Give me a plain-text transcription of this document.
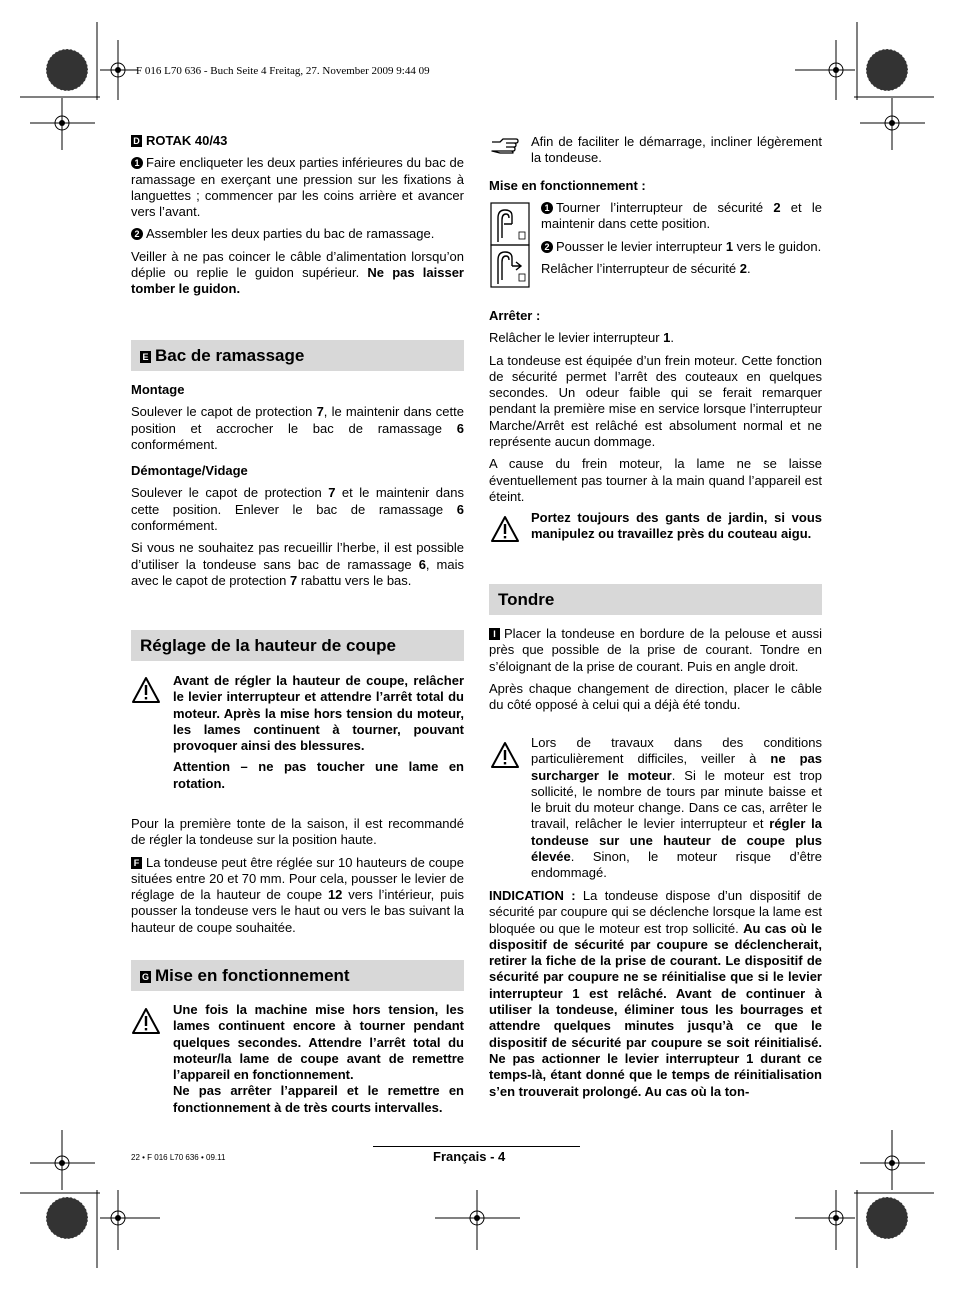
F 016 L70 636 - Buch Seite 4 Freitag, 27. November 2009 9:44 09

D ROTAK 40/43

1 Faire encliqueter les deux parties inférieures du bac de ramassage en exerçant une pression sur les fixations à languettes ; commencer par les coins arrière et avancer vers l’avant.

2 Assembler les deux parties du bac de ramassage.

Veiller à ne pas coincer le câble d’alimentation lorsqu’on déplie ou replie le guidon supérieur. Ne pas laisser tomber le guidon.

E Bac de ramassage

Montage

Soulever le capot de protection 7, le maintenir dans cette position et accrocher le bac de ramassage 6 conformément.

Démontage/Vidage

Soulever le capot de protection 7 et le maintenir dans cette position. Enlever le bac de ramassage 6 conformément.

Si vous ne souhaitez pas recueillir l’herbe, il est possible d’utiliser la tondeuse sans bac de ramassage 6, mais avec le capot de protection 7 rabattu vers le bas.

Réglage de la hauteur de coupe

Avant de régler la hauteur de coupe, relâcher le levier interrupteur et attendre l’arrêt total du moteur. Après la mise hors tension du moteur, les lames continuent à tourner, pouvant provoquer ainsi des blessures.

Attention – ne pas toucher une lame en rotation.

Pour la première tonte de la saison, il est recommandé de régler la tondeuse sur la position haute.

F La tondeuse peut être réglée sur 10 hauteurs de coupe situées entre 20 et 70 mm. Pour cela, pousser le levier de réglage de la hauteur de coupe 12 vers l’intérieur, puis pousser la tondeuse vers le haut ou vers le bas suivant la hauteur de coupe souhaitée.

G Mise en fonctionnement

Une fois la machine mise hors tension, les lames continuent encore à tourner pendant quelques secondes. Attendre l’arrêt total du moteur/la lame de coupe avant de remettre l’appareil en fonctionnement.

Ne pas arrêter l’appareil et le remettre en fonctionnement à de très courts intervalles.

Afin de faciliter le démarrage, incliner légèrement la tondeuse.

Mise en fonctionnement :

1 Tourner l’interrupteur de sécurité 2 et le maintenir dans cette position.

2 Pousser le levier interrupteur 1 vers le guidon.

Relâcher l’interrupteur de sécurité 2.

Arrêter :

Relâcher le levier interrupteur 1.

La tondeuse est équipée d’un frein moteur. Cette fonction de sécurité permet l’arrêt des couteaux en quelques secondes. Un odeur faible qui se ferait remarquer pendant la première mise en service lorsque l’interrupteur Marche/Arrêt est relâché est absolument normal et ne représente aucun dommage.

A cause du frein moteur, la lame ne se laisse éventuellement pas tourner à la main quand l’appareil est éteint.

Portez toujours des gants de jardin, si vous manipulez ou travaillez près du couteau aigu.

Tondre

I Placer la tondeuse en bordure de la pelouse et aussi près que possible de la prise de courant. Tondre en s’éloignant de la prise de courant. Puis en angle droit.

Après chaque changement de direction, placer le câble du côté opposé à celui qui a déjà été tondu.

Lors de travaux dans des conditions particulièrement difficiles, veiller à ne pas surcharger le moteur. Si le moteur est trop sollicité, le nombre de tours par minute baisse et le bruit du moteur change. Dans ce cas, arrêter le travail, relâcher le levier interrupteur et régler la tondeuse sur une hauteur de coupe plus élevée. Sinon, le moteur risque d’être endommagé.

INDICATION : La tondeuse dispose d’un dispositif de sécurité par coupure qui se déclenche lorsque la lame est bloquée ou que le moteur est trop sollicité. Au cas où le dispositif de sécurité par coupure se déclencherait, retirer la fiche de la prise de courant. Le dispositif de sécurité par coupure ne se réinitialise que si le levier interrupteur 1 est relâché. Avant de continuer à utiliser la tondeuse, éliminer tous les bourrages et attendre quelques minutes jusqu’à ce que le dispositif de sécurité par coupure se soit réinitialisé. Ne pas actionner le levier interrupteur 1 durant ce temps-là, étant donné que le temps de réinitialisation s’en trouverait prolongé. Au cas où la ton-

22 • F 016 L70 636 • 09.11	Français - 4
